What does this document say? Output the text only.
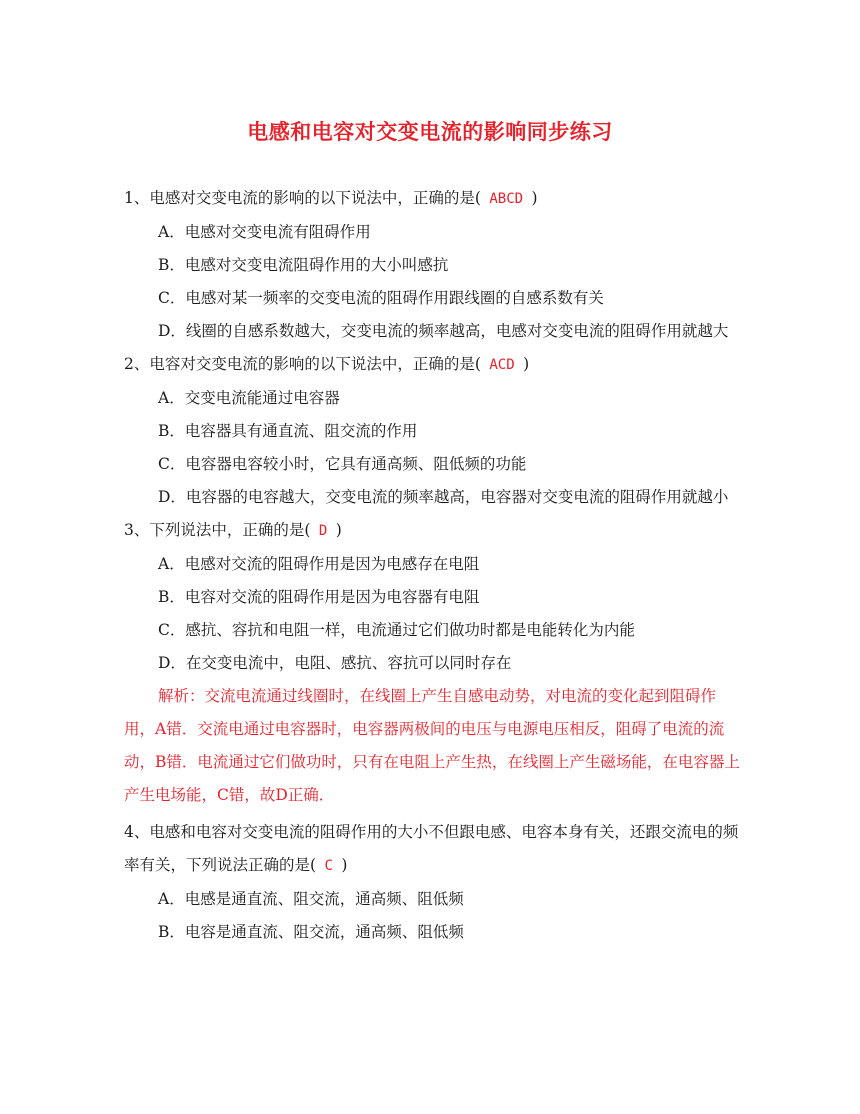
电感和电容对交变电流的影响同步练习

1、电感对交变电流的影响的以下说法中，正确的是( ABCD )

A．电感对交变电流有阻碍作用

B．电感对交变电流阻碍作用的大小叫感抗

C．电感对某一频率的交变电流的阻碍作用跟线圈的自感系数有关

D．线圈的自感系数越大，交变电流的频率越高，电感对交变电流的阻碍作用就越大

2、电容对交变电流的影响的以下说法中，正确的是( ACD )

A．交变电流能通过电容器

B．电容器具有通直流、阻交流的作用

C．电容器电容较小时，它具有通高频、阻低频的功能

D．电容器的电容越大，交变电流的频率越高，电容器对交变电流的阻碍作用就越小

3、下列说法中，正确的是( D )

A．电感对交流的阻碍作用是因为电感存在电阻

B．电容对交流的阻碍作用是因为电容器有电阻

C．感抗、容抗和电阻一样，电流通过它们做功时都是电能转化为内能

D．在交变电流中，电阻、感抗、容抗可以同时存在

解析：交流电流通过线圈时，在线圈上产生自感电动势，对电流的变化起到阻碍作用，A错．交流电通过电容器时，电容器两极间的电压与电源电压相反，阻碍了电流的流动，B错．电流通过它们做功时，只有在电阻上产生热，在线圈上产生磁场能，在电容器上产生电场能，C错，故D正确．

4、电感和电容对交变电流的阻碍作用的大小不但跟电感、电容本身有关，还跟交流电的频率有关，下列说法正确的是( C )

A．电感是通直流、阻交流，通高频、阻低频

B．电容是通直流、阻交流，通高频、阻低频
